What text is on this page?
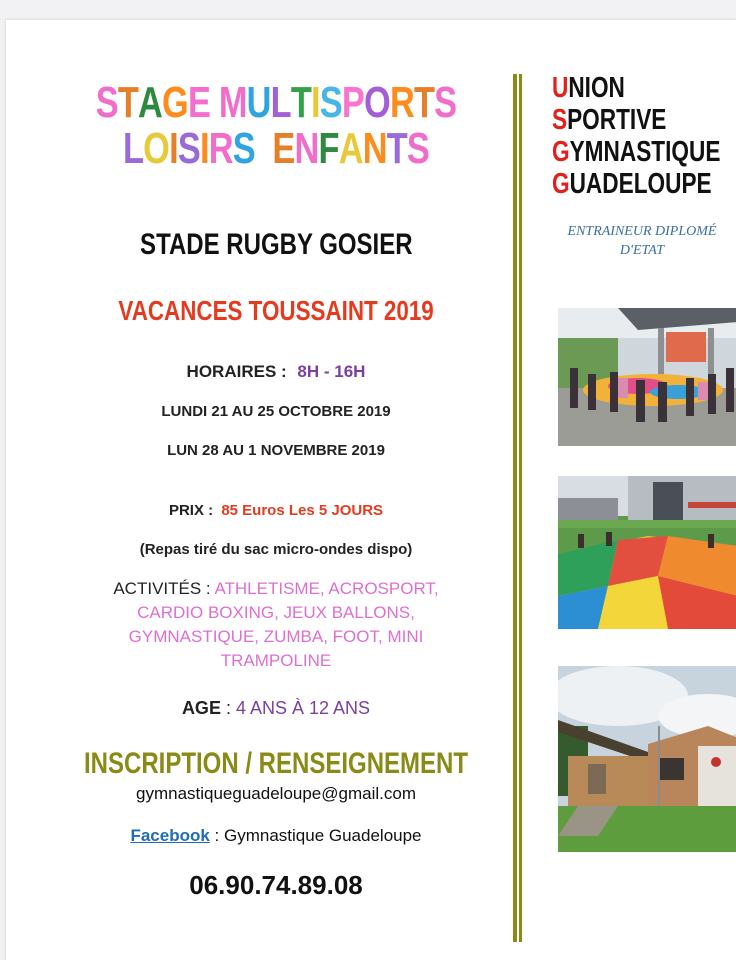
STAGE MULTISPORTS
LOISIRS ENFANTS
STADE RUGBY GOSIER
VACANCES TOUSSAINT 2019
HORAIRES : 8H - 16H
LUNDI 21 AU 25 OCTOBRE 2019
LUN 28 AU 1 NOVEMBRE 2019
PRIX : 85 Euros Les 5 JOURS
(Repas tiré du sac micro-ondes dispo)
ACTIVITÉS : ATHLETISME, ACROSPORT,
CARDIO BOXING, JEUX BALLONS,
GYMNASTIQUE, ZUMBA, FOOT, MINI
TRAMPOLINE
AGE : 4 ANS À 12 ANS
INSCRIPTION / RENSEIGNEMENT
gymnastiqueguadeloupe@gmail.com
Facebook : Gymnastique Guadeloupe
06.90.74.89.08
UNION
SPORTIVE
GYMNASTIQUE
GUADELOUPE
ENTRAINEUR DIPLOMÉ
D'ETAT
